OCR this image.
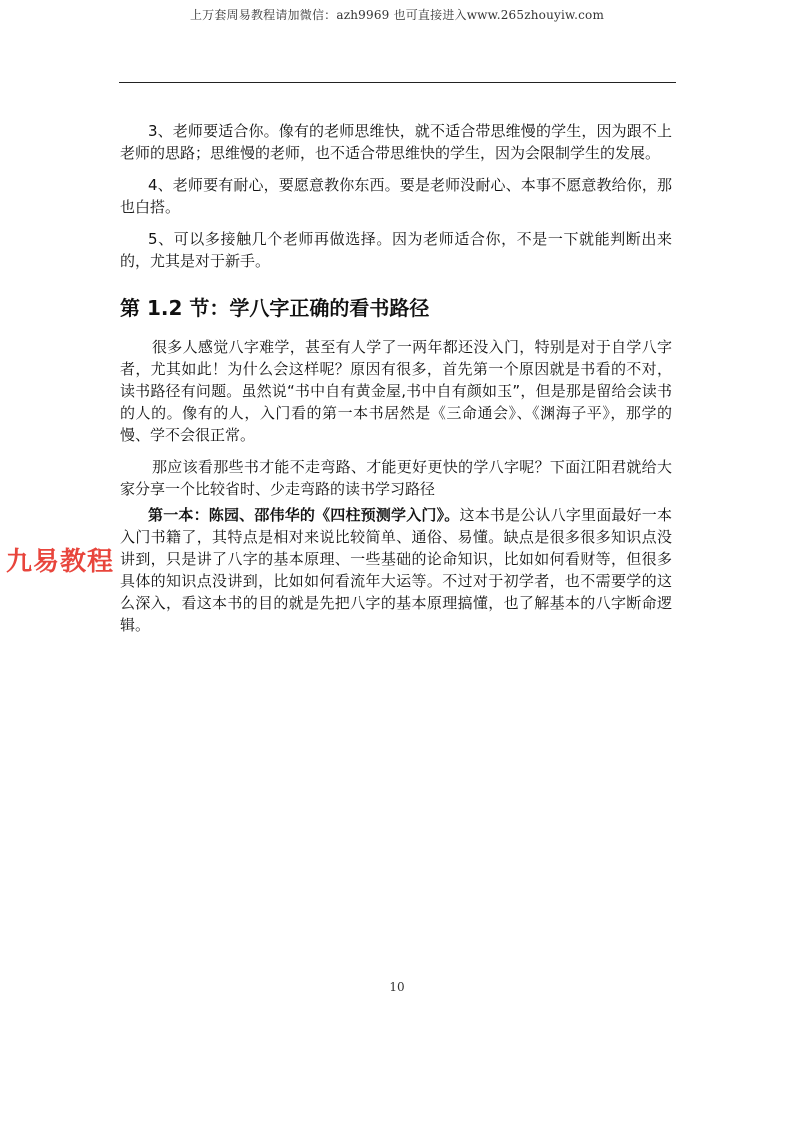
上万套周易教程请加微信：azh9969 也可直接进入www.265zhouyiw.com

3、老师要适合你。像有的老师思维快，就不适合带思维慢的学生，因为跟不上老师的思路；思维慢的老师，也不适合带思维快的学生，因为会限制学生的发展。

4、老师要有耐心，要愿意教你东西。要是老师没耐心、本事不愿意教给你，那也白搭。

5、可以多接触几个老师再做选择。因为老师适合你，不是一下就能判断出来的，尤其是对于新手。

第 1.2 节：学八字正确的看书路径

很多人感觉八字难学，甚至有人学了一两年都还没入门，特别是对于自学八字者，尤其如此！为什么会这样呢？原因有很多，首先第一个原因就是书看的不对，读书路径有问题。虽然说“书中自有黄金屋,书中自有颜如玉”，但是那是留给会读书的人的。像有的人，入门看的第一本书居然是《三命通会》、《渊海子平》，那学的慢、学不会很正常。

那应该看那些书才能不走弯路、才能更好更快的学八字呢？下面江阳君就给大家分享一个比较省时、少走弯路的读书学习路径

第一本：陈园、邵伟华的《四柱预测学入门》。这本书是公认八字里面最好一本入门书籍了，其特点是相对来说比较简单、通俗、易懂。缺点是很多很多知识点没讲到，只是讲了八字的基本原理、一些基础的论命知识，比如如何看财等，但很多具体的知识点没讲到，比如如何看流年大运等。不过对于初学者，也不需要学的这么深入，看这本书的目的就是先把八字的基本原理搞懂，也了解基本的八字断命逻辑。

九易教程
10
